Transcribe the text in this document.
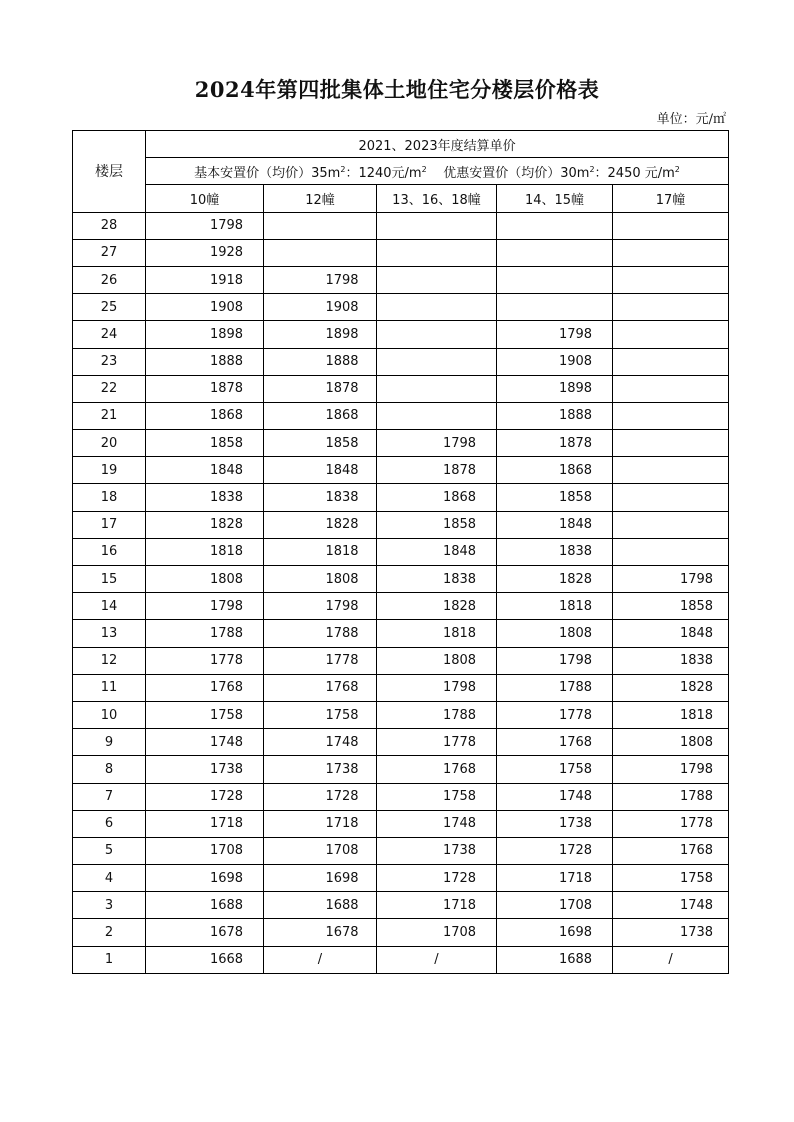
2024年第四批集体土地住宅分楼层价格表
单位：元/㎡
楼层	2021、2023年度结算单价				
	基本安置价（均价）$35m^2$：1240元$/m^2$ 优惠安置价（均价）$30m^2$：2450 元$/m^2$
	10幢	12幢	13、16、18幢	14、15幢	17幢
28	1798				
27	1928				
26	1918	1798			
25	1908	1908			
24	1898	1898		1798	
23	1888	1888		1908	
22	1878	1878		1898	
21	1868	1868		1888	
20	1858	1858	1798	1878	
19	1848	1848	1878	1868	
18	1838	1838	1868	1858	
17	1828	1828	1858	1848	
16	1818	1818	1848	1838	
15	1808	1808	1838	1828	1798
14	1798	1798	1828	1818	1858
13	1788	1788	1818	1808	1848
12	1778	1778	1808	1798	1838
11	1768	1768	1798	1788	1828
10	1758	1758	1788	1778	1818
9	1748	1748	1778	1768	1808
8	1738	1738	1768	1758	1798
7	1728	1728	1758	1748	1788
6	1718	1718	1748	1738	1778
5	1708	1708	1738	1728	1768
4	1698	1698	1728	1718	1758
3	1688	1688	1718	1708	1748
2	1678	1678	1708	1698	1738
1	1668	/	/	1688	/
